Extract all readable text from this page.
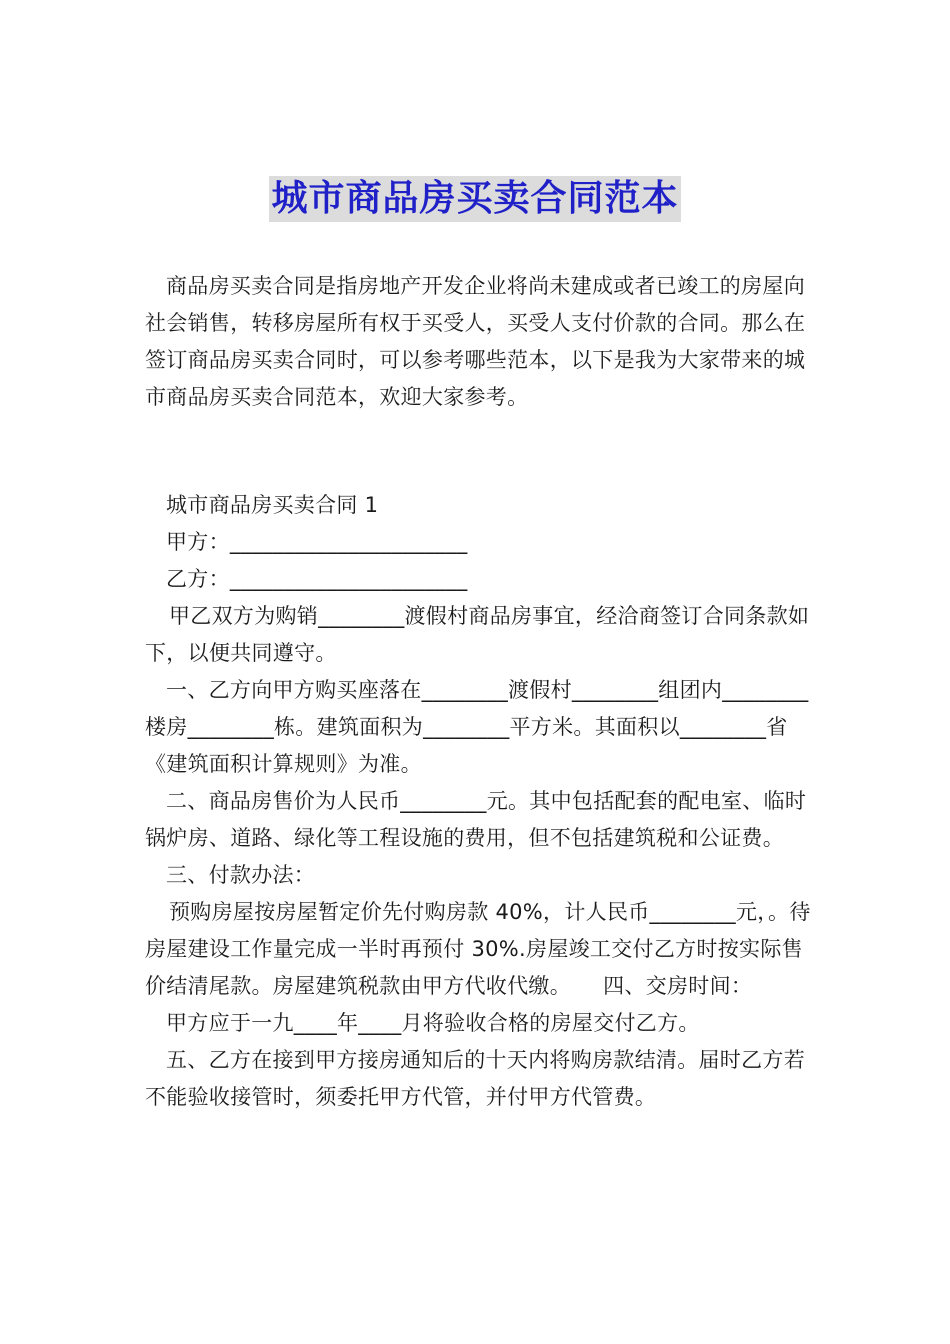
城市商品房买卖合同范本
商品房买卖合同是指房地产开发企业将尚未建成或者已竣工的房屋向社会销售，转移房屋所有权于买受人，买受人支付价款的合同。那么在签订商品房买卖合同时，可以参考哪些范本，以下是我为大家带来的城市商品房买卖合同范本，欢迎大家参考。

城市商品房买卖合同 1

甲方：______________________

乙方：______________________

甲乙双方为购销________渡假村商品房事宜，经洽商签订合同条款如下，以便共同遵守。

一、乙方向甲方购买座落在________渡假村________组团内________楼房________栋。建筑面积为________平方米。其面积以________省《建筑面积计算规则》为准。

二、商品房售价为人民币________元。其中包括配套的配电室、临时锅炉房、道路、绿化等工程设施的费用，但不包括建筑税和公证费。

三、付款办法：

预购房屋按房屋暂定价先付购房款 40%，计人民币________元，。待房屋建设工作量完成一半时再预付 30%.房屋竣工交付乙方时按实际售价结清尾款。房屋建筑税款由甲方代收代缴。　　四、交房时间：

甲方应于一九____年____月将验收合格的房屋交付乙方。

五、乙方在接到甲方接房通知后的十天内将购房款结清。届时乙方若不能验收接管时，须委托甲方代管，并付甲方代管费。
